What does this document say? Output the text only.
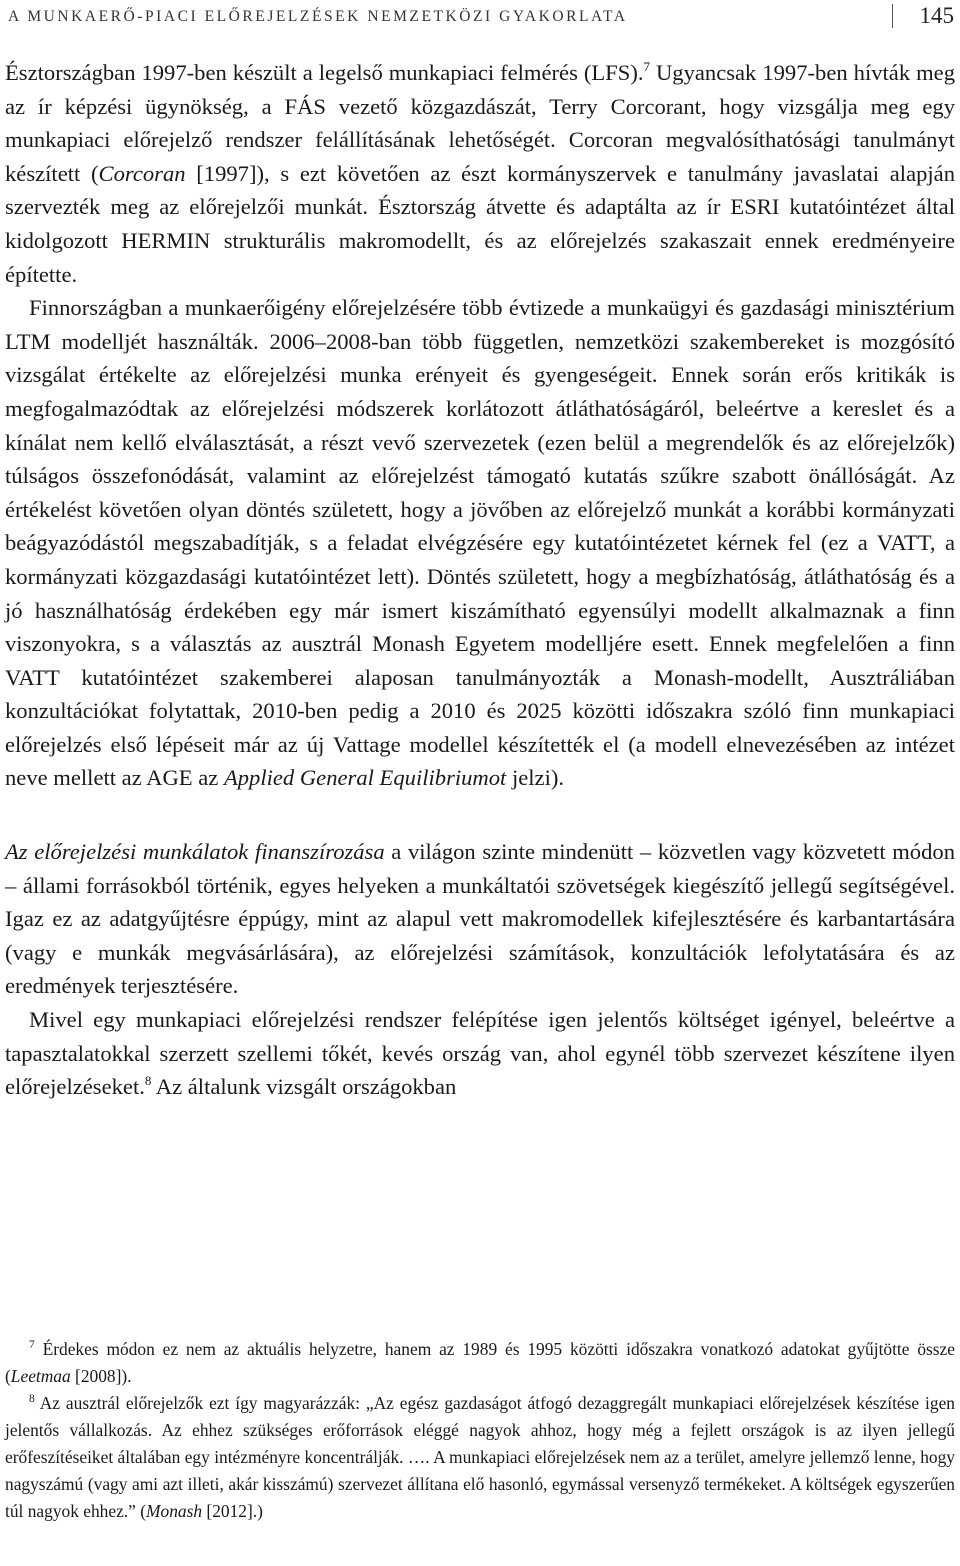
A MUNKAERŐ-PIACI ELŐREJELZÉSEK NEMZETKÖZI GYAKORLATA	145

Észtországban 1997-ben készült a legelső munkapiaci felmérés (LFS).$^7$ Ugyancsak 1997-ben hívták meg az ír képzési ügynökség, a FÁS vezető közgazdászát, Terry Corcorant, hogy vizsgálja meg egy munkapiaci előrejelző rendszer felállításának lehetőségét. Corcoran megvalósíthatósági tanulmányt készített (Corcoran [1997]), s ezt követően az észt kormányszervek e tanulmány javaslatai alapján szervezték meg az előrejelzői munkát. Észtország átvette és adaptálta az ír ESRI kutatóintézet által kidolgozott HERMIN strukturális makromodellt, és az előrejelzés szakaszait ennek eredményeire építette.

Finnországban a munkaerőigény előrejelzésére több évtizede a munkaügyi és gazdasági minisztérium LTM modelljét használták. 2006–2008-ban több független, nemzetközi szakembereket is mozgósító vizsgálat értékelte az előrejelzési munka erényeit és gyengeségeit. Ennek során erős kritikák is megfogalmazódtak az előrejelzési módszerek korlátozott átláthatóságáról, beleértve a kereslet és a kínálat nem kellő elválasztását, a részt vevő szervezetek (ezen belül a megrendelők és az előrejelzők) túlságos összefonódását, valamint az előrejelzést támogató kutatás szűkre szabott önállóságát. Az értékelést követően olyan döntés született, hogy a jövőben az előrejelző munkát a korábbi kormányzati beágyazódástól megszabadítják, s a feladat elvégzésére egy kutatóintézetet kérnek fel (ez a VATT, a kormányzati közgazdasági kutatóintézet lett). Döntés született, hogy a megbízhatóság, átláthatóság és a jó használhatóság érdekében egy már ismert kiszámítható egyensúlyi modellt alkalmaznak a finn viszonyokra, s a választás az ausztrál Monash Egyetem modelljére esett. Ennek megfelelően a finn VATT kutatóintézet szakemberei alaposan tanulmányozták a Monash-modellt, Ausztráliában konzultációkat folytattak, 2010-ben pedig a 2010 és 2025 közötti időszakra szóló finn munkapiaci előrejelzés első lépéseit már az új Vattage modellel készítették el (a modell elnevezésében az intézet neve mellett az AGE az Applied General Equilibriumot jelzi).

Az előrejelzési munkálatok finanszírozása a világon szinte mindenütt – közvetlen vagy közvetett módon – állami forrásokból történik, egyes helyeken a munkáltatói szövetségek kiegészítő jellegű segítségével. Igaz ez az adatgyűjtésre éppúgy, mint az alapul vett makromodellek kifejlesztésére és karbantartására (vagy e munkák megvásárlására), az előrejelzési számítások, konzultációk lefolytatására és az eredmények terjesztésére.

Mivel egy munkapiaci előrejelzési rendszer felépítése igen jelentős költséget igényel, beleértve a tapasztalatokkal szerzett szellemi tőkét, kevés ország van, ahol egynél több szervezet készítene ilyen előrejelzéseket.$^8$ Az általunk vizsgált országokban

$^7$ Érdekes módon ez nem az aktuális helyzetre, hanem az 1989 és 1995 közötti időszakra vonatkozó adatokat gyűjtötte össze (Leetmaa [2008]).

$^8$ Az ausztrál előrejelzők ezt így magyarázzák: „Az egész gazdaságot átfogó dezaggregált munkapiaci előrejelzések készítése igen jelentős vállalkozás. Az ehhez szükséges erőforrások eléggé nagyok ahhoz, hogy még a fejlett országok is az ilyen jellegű erőfeszítéseiket általában egy intézményre koncentrálják. …. A munkapiaci előrejelzések nem az a terület, amelyre jellemző lenne, hogy nagyszámú (vagy ami azt illeti, akár kisszámú) szervezet állítana elő hasonló, egymással versenyző termékeket. A költségek egyszerűen túl nagyok ehhez.” (Monash [2012].)
